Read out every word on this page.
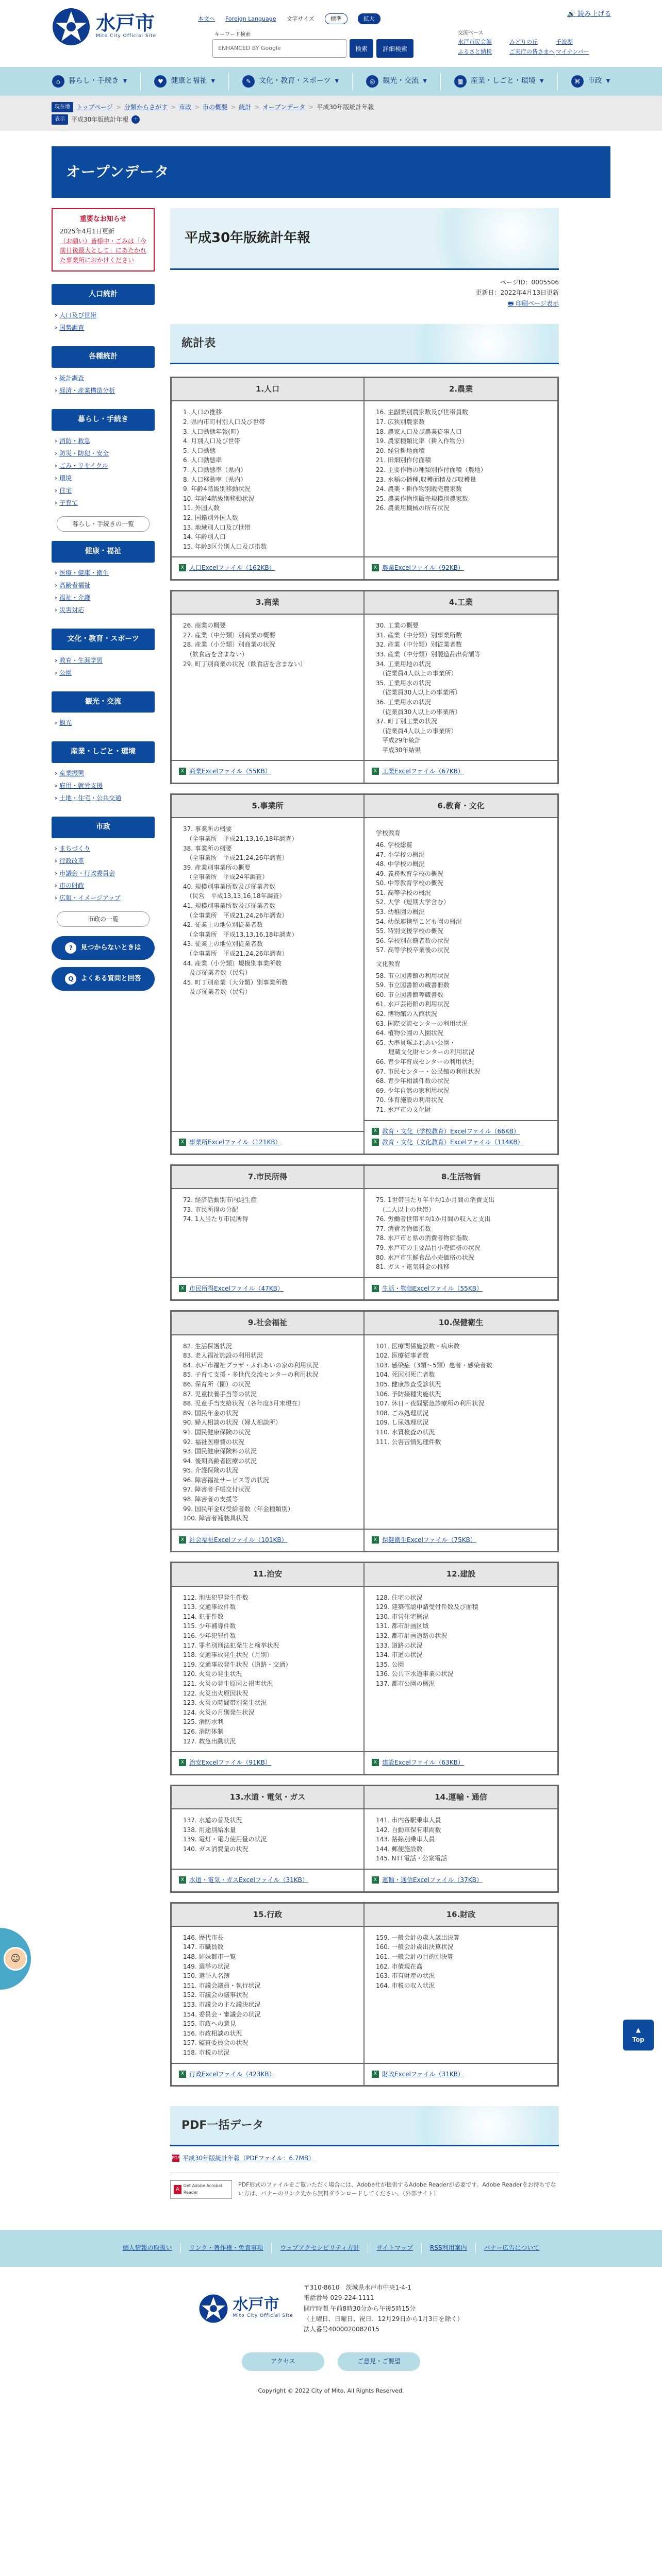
水戸市
Mito City Official Site
本文へ Foreign Language 文字サイズ	標準	拡大
キーワード検索
ENHANCED BY Google	検索	詳細検索
🔊 読み上げる
交流ベース
水戸市民会館	みどりの丘	千波湖
ふるさと納税	ご来庁の皆さまへ マイナンバー
⌂	暮らし・手続き ▼	♥	健康と福祉 ▼	✎	文化・教育・スポーツ ▼	◎	観光・交流 ▼	▦	産業・しごと・環境 ▼	⌘	市政 ▼
現在地	トップページ > 分類からさがす > 市政 > 市の概要 > 統計 > オープンデータ > 平成30年版統計年報
表示	平成30年版統計年報	＋
オープンデータ
重要なお知らせ
2025年4月1日更新
（お願い）皆様中・ごみは「今前日後最大として」にあたかれた事業所におかけください
人口統計
› 人口及び世帯
› 国勢調査
各種統計
› 統計調査
› 経済・産業構造分析
暮らし・手続き
› 消防・救急
› 防災・防犯・安全
› ごみ・リサイクル
› 環境
› 住宅
› 子育て
暮らし・手続きの一覧
健康・福祉
› 医療・健康・衛生
› 高齢者福祉
› 福祉・介護
› 災害対応
文化・教育・スポーツ
› 教育・生涯学習
› 公園
観光・交流
› 観光
産業・しごと・環境
› 産業振興
› 雇用・就労支援
› 土地・住宅・公共交通
市政
› まちづくり
› 行政改革
› 市議会・行政委員会
› 市の財政
› 広報・イメージアップ
市政の一覧
?	見つからないときは
Q	よくある質問と回答
平成30年版統計年報
ページID：0005506
更新日：2022年4月13日更新
🖶 印刷ページ表示
統計表
1.人口
1. 人口の推移
2. 県内市町村別人口及び世帯
3. 人口動態年報(町)
4. 月別人口及び世帯
5. 人口動態
6. 人口動態率
7. 人口動態率（県内）
8. 人口移動率（県内）
9. 年齢4階級別移動状況
10. 年齢4階級別移動状況
11. 外国人数
12. 国籍別外国人数
13. 地域別人口及び世帯
14. 年齢別人口
15. 年齢3区分別人口及び指数
X 人口Excelファイル（162KB）
2.農業
16. 主副業別農家数及び世帯員数
17. 広狭別農家数
18. 農家人口及び農業従事人口
19. 農家種類比率（耕入作物分）
20. 経営耕地面積
21. 田畑別作付面積
22. 主要作物の種類別作付面積（農地）
23. 水稲の播種,収穫面積及び収穫量
24. 農薬・耕作物別販売農家数
25. 農業作物別販売規模別農家数
26. 農業用機械の所有状況
X 農業Excelファイル（92KB）
3.商業
26. 商業の概要
27. 産業（中分類）別商業の概要
28. 産業（小分類）別商業の状況
　（飲食店を含まない）
29. 町丁別商業の状況（飲食店を含まない）
X 商業Excelファイル（55KB）
4.工業
30. 工業の概要
31. 産業（中分類）別事業所数
32. 産業（中分類）別従業者数
33. 産業（中分類）別製造品出荷額等
34. 工業用地の状況
　（従業員4人以上の事業所）
35. 工業用水の状況
　（従業員30人以上の事業所）
36. 工業用水の状況
　（従業員30人以上の事業所）
37. 町丁別工業の状況
　（従業員4人以上の事業所）
　平成29年統計
　平成30年結果
X 工業Excelファイル（67KB）
5.事業所
37. 事業所の概要
　（全事業所　平成21,13,16,18年調査）
38. 事業所の概要
　（全事業所　平成21,24,26年調査）
39. 産業別事業所の概要
　（全事業所　平成24年調査）
40. 規模別事業所数及び従業者数
　（民営　平成13,13,16,18年調査）
41. 規模別事業所数及び従業者数
　（全事業所　平成21,24,26年調査）
42. 従業上の地位別従業者数
　（全事業所　平成13,13,16,18年調査）
43. 従業上の地位別従業者数
　（全事業所　平成21,24,26年調査）
44. 産業（小分類）規模別事業所数
　及び従業者数（民営）
45. 町丁別産業（大分類）別事業所数
　及び従業者数（民営）
X 事業所Excelファイル（121KB）
6.教育・文化
学校教育
46. 学校総覧
47. 小学校の概況
48. 中学校の概況
49. 義務教育学校の概況
50. 中等教育学校の概況
51. 高等学校の概況
52. 大学（短期大学含む）
53. 幼稚園の概況
54. 幼保連携型こども園の概況
55. 特別支援学校の概況
56. 学校別在籍者数の状況
57. 高等学校卒業後の状況
文化教育
58. 市立図書館の利用状況
59. 市立図書館の蔵書冊数
60. 市立図書館等蔵書数
61. 水戸芸術館の利用状況
62. 博物館の入館状況
63. 国際交流センターの利用状況
64. 植物公園の入園状況
65. 大串貝塚ふれあい公園・
　　埋蔵文化財センターの利用状況
66. 青少年育成センターの利用状況
67. 市民センター・公民館の利用状況
68. 青少年相談件数の状況
69. 少年自然の家利用状況
70. 体育施設の利用状況
71. 水戸市の文化財
X 教育・文化（学校教育）Excelファイル（66KB）
X 教育・文化（文化教育）Excelファイル（114KB）
7.市民所得
72. 経済活動別市内純生産
73. 市民所得の分配
74. 1人当たり市民所得
X 市民所得Excelファイル（47KB）
8.生活物価
75. 1世帯当たり年平均1か月間の消費支出
　（二人以上の世帯）
76. 労働者世帯平均1か月間の収入と支出
77. 消費者物価指数
78. 水戸市と県の消費者物価指数
79. 水戸市の主要品目小売価格の状況
80. 水戸市生鮮食品小売価格の状況
81. ガス・電気料金の推移
X 生活・物価Excelファイル（55KB）
9.社会福祉
82. 生活保護状況
83. 老人福祉施設の利用状況
84. 水戸市福祉プラザ・ふれあいの家の利用状況
85. 子育て支援・多世代交流センターの利用状況
86. 保育所（園）の状況
87. 児童扶養手当等の状況
88. 児童手当支給状況（各年度3月末現在）
89. 国民年金の状況
90. 婦人相談の状況（婦人相談所）
91. 国民健康保険の状況
92. 福祉医療費の状況
93. 国民健康保険料の状況
94. 後期高齢者医療の状況
95. 介護保険の状況
96. 障害福祉サービス等の状況
97. 障害者手帳交付状況
98. 障害者の支援等
99. 国民年金収受給者数（年金種類別）
100. 障害者補装具状況
X 社会福祉Excelファイル（101KB）
10.保健衛生
101. 医療関係施設数・病床数
102. 医療従事者数
103. 感染症（3類～5類）患者・感染者数
104. 死因別死亡者数
105. 健康診査受診状況
106. 予防接種実施状況
107. 休日・夜間緊急診療所の利用状況
108. ごみ処理状況
109. し尿処理状況
110. 水質検査の状況
111. 公害苦情処理件数
X 保健衛生Excelファイル（75KB）
11.治安
112. 刑法犯罪発生件数
113. 交通事故件数
114. 犯罪件数
115. 少年補導件数
116. 少年犯罪件数
117. 罪名別刑法犯発生と検挙状況
118. 交通事故発生状況（月別）
119. 交通事故発生状況（道路・交通）
120. 火災の発生状況
121. 火災の発生原因と損害状況
122. 火災出火原因状況
123. 火災の時間帯別発生状況
124. 火災の月別発生状況
125. 消防水利
126. 消防体制
127. 救急出動状況
X 治安Excelファイル（91KB）
12.建設
128. 住宅の状況
129. 建築確認申請受付件数及び面積
130. 市営住宅概況
131. 都市計画区域
132. 都市計画道路の状況
133. 道路の状況
134. 市道の状況
135. 公園
136. 公共下水道事業の状況
137. 都市公園の概況
X 建設Excelファイル（63KB）
13.水道・電気・ガス
137. 水道の普及状況
138. 用途別給水量
139. 電灯・電力使用量の状況
140. ガス消費量の状況
X 水道・電気・ガスExcelファイル（31KB）
14.運輸・通信
141. 市内各駅乗車人員
142. 自動車保有車両数
143. 路線別乗車人員
144. 郵便施設数
145. NTT電話・公衆電話
X 運輸・通信Excelファイル（37KB）
15.行政
146. 歴代市長
147. 市職員数
148. 姉妹都市一覧
149. 選挙の状況
150. 選挙人名簿
151. 市議会議員・執行状況
152. 市議会の議事状況
153. 市議会の主な議決状況
154. 委員会・審議会の状況
155. 市政への意見
156. 市政相談の状況
157. 監査委員会の状況
158. 市税の状況
X 行政Excelファイル（423KB）
16.財政
159. 一般会計の歳入歳出決算
160. 一般会計歳出決算状況
161. 一般会計の目的別決算
162. 市債現在高
163. 市有財産の状況
164. 市税の収入状況
X 財政Excelファイル（31KB）
PDF一括データ
PDF 平成30年版統計年報（PDFファイル：6.7MB）
A
Get Adobe Acrobat Reader

PDF形式のファイルをご覧いただく場合には、Adobe社が提供するAdobe Readerが必要です。Adobe Readerをお持ちでない方は、バナーのリンク先から無料ダウンロードしてください。（外部サイト）

☺
▲
Top
個人情報の取扱い	リンク・著作権・免責事項	ウェブアクセシビリティ方針	サイトマップ	RSS利用案内	バナー広告について
水戸市
Mito City Official Site
〒310-8610　茨城県水戸市中央1-4-1
電話番号 029-224-1111
開庁時間 午前8時30分から午後5時15分
（土曜日、日曜日、祝日、12月29日から1月3日を除く）
法人番号4000020082015
アクセス	ご意見・ご要望
Copyright © 2022 City of Mito, All Rights Reserved.
